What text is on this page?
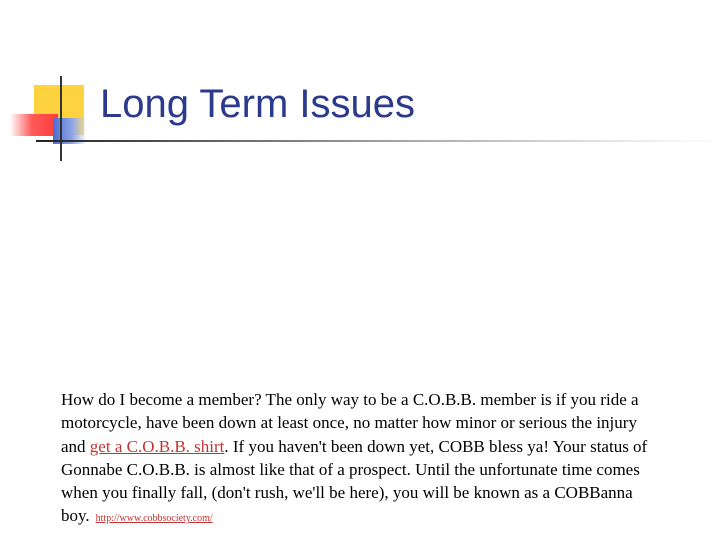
Long Term Issues

How do I become a member? The only way to be a C.O.B.B. member is if you ride a motorcycle, have been down at least once, no matter how minor or serious the injury and get a C.O.B.B. shirt. If you haven't been down yet, COBB bless ya! Your status of Gonnabe C.O.B.B. is almost like that of a prospect. Until the unfortunate time comes when you finally fall, (don't rush, we'll be here), you will be known as a COBBanna boy. http://www.cobbsociety.com/
